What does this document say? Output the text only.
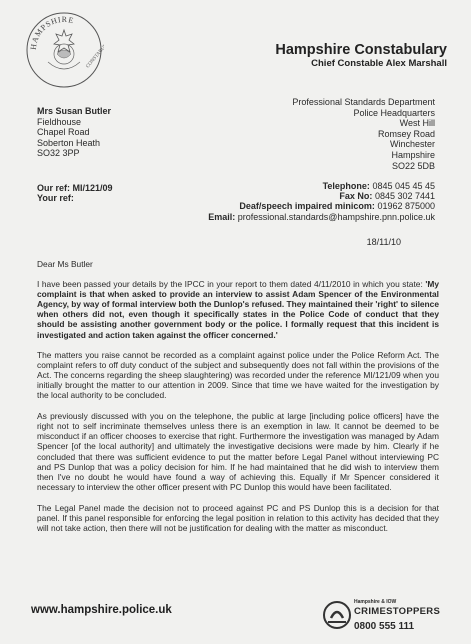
HAMPSHIRE
CONSTABULARY	Hampshire Constabulary
Chief Constable Alex Marshall
Mrs Susan Butler
Fieldhouse
Chapel Road
Soberton Heath
SO32 3PP
Professional Standards Department
Police Headquarters
West Hill
Romsey Road
Winchester
Hampshire
SO22 5DB
Our ref: MI/121/09
Your ref:
Telephone: 0845 045 45 45
Fax No: 0845 302 7441
Deaf/speech impaired minicom: 01962 875000
Email: professional.standards@hampshire.pnn.police.uk
18/11/10
Dear Ms Butler

I have been passed your details by the IPCC in your report to them dated 4/11/2010 in which you state: 'My complaint is that when asked to provide an interview to assist Adam Spencer of the Environmental Agency, by way of formal interview both the Dunlop's refused. They maintained their 'right' to silence when others did not, even though it specifically states in the Police Code of conduct that they should be assisting another government body or the police. I formally request that this incident is investigated and action taken against the officer concerned.'

The matters you raise cannot be recorded as a complaint against police under the Police Reform Act. The complaint refers to off duty conduct of the subject and subsequently does not fall within the provisions of the Act. The concerns regarding the sheep slaughtering) was recorded under the reference MI/121/09 when you initially brought the matter to our attention in 2009. Since that time we have waited for the investigation by the local authority to be concluded.

As previously discussed with you on the telephone, the public at large [including police officers] have the right not to self incriminate themselves unless there is an exemption in law. It cannot be deemed to be misconduct if an officer chooses to exercise that right. Furthermore the investigation was managed by Adam Spencer [of the local authority] and ultimately the investigative decisions were made by him. Clearly if he concluded that there was sufficient evidence to put the matter before Legal Panel without interviewing PC and PS Dunlop that was a policy decision for him. If he had maintained that he did wish to interview them then I've no doubt he would have found a way of achieving this. Equally if Mr Spencer considered it necessary to interview the other officer present with PC Dunlop this would have been facilitated.

The Legal Panel made the decision not to proceed against PC and PS Dunlop this is a decision for that panel. If this panel responsible for enforcing the legal position in relation to this activity has decided that they will not take action, then there will not be justification for dealing with the matter as misconduct.

www.hampshire.police.uk
Hampshire & IOW
CRIMESTOPPERS
0800 555 111
